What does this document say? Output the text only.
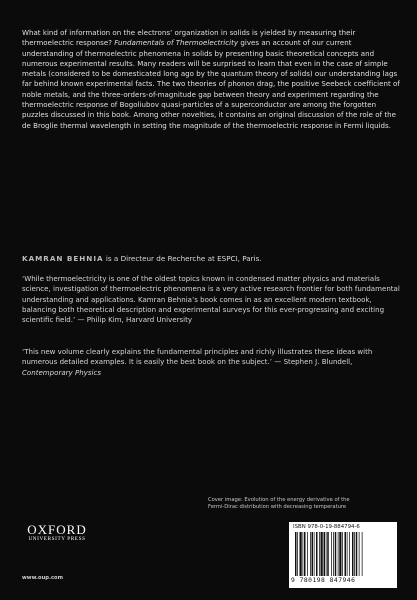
What kind of information on the electrons’ organization in solids is yielded by measuring their thermoelectric response? Fundamentals of Thermoelectricity gives an account of our current understanding of thermoelectric phenomena in solids by presenting basic theoretical concepts and numerous experimental results. Many readers will be surprised to learn that even in the case of simple metals (considered to be domesticated long ago by the quantum theory of solids) our understanding lags far behind known experimental facts. The two theories of phonon drag, the positive Seebeck coefficient of noble metals, and the three-orders-of-magnitude gap between theory and experiment regarding the thermoelectric response of Bogoliubov quasi-particles of a superconductor are among the forgotten puzzles discussed in this book. Among other novelties, it contains an original discussion of the role of the de Broglie thermal wavelength in setting the magnitude of the thermoelectric response in Fermi liquids.

KAMRAN BEHNIA is a Directeur de Recherche at ESPCI, Paris.
‘While thermoelectricity is one of the oldest topics known in condensed matter physics and materials science, investigation of thermoelectric phenomena is a very active research frontier for both fundamental understanding and applications. Kamran Behnia’s book comes in as an excellent modern textbook, balancing both theoretical description and experimental surveys for this ever-progressing and exciting scientific field.’ — Philip Kim, Harvard University
‘This new volume clearly explains the fundamental principles and richly illustrates these ideas with numerous detailed examples. It is easily the best book on the subject.’ — Stephen J. Blundell, Contemporary Physics
Cover image: Evolution of the energy derivative of the
Fermi-Dirac distribution with decreasing temperature
OXFORD
UNIVERSITY PRESS
www.oup.com
ISBN 978-0-19-884794-6
9 780198 847946
